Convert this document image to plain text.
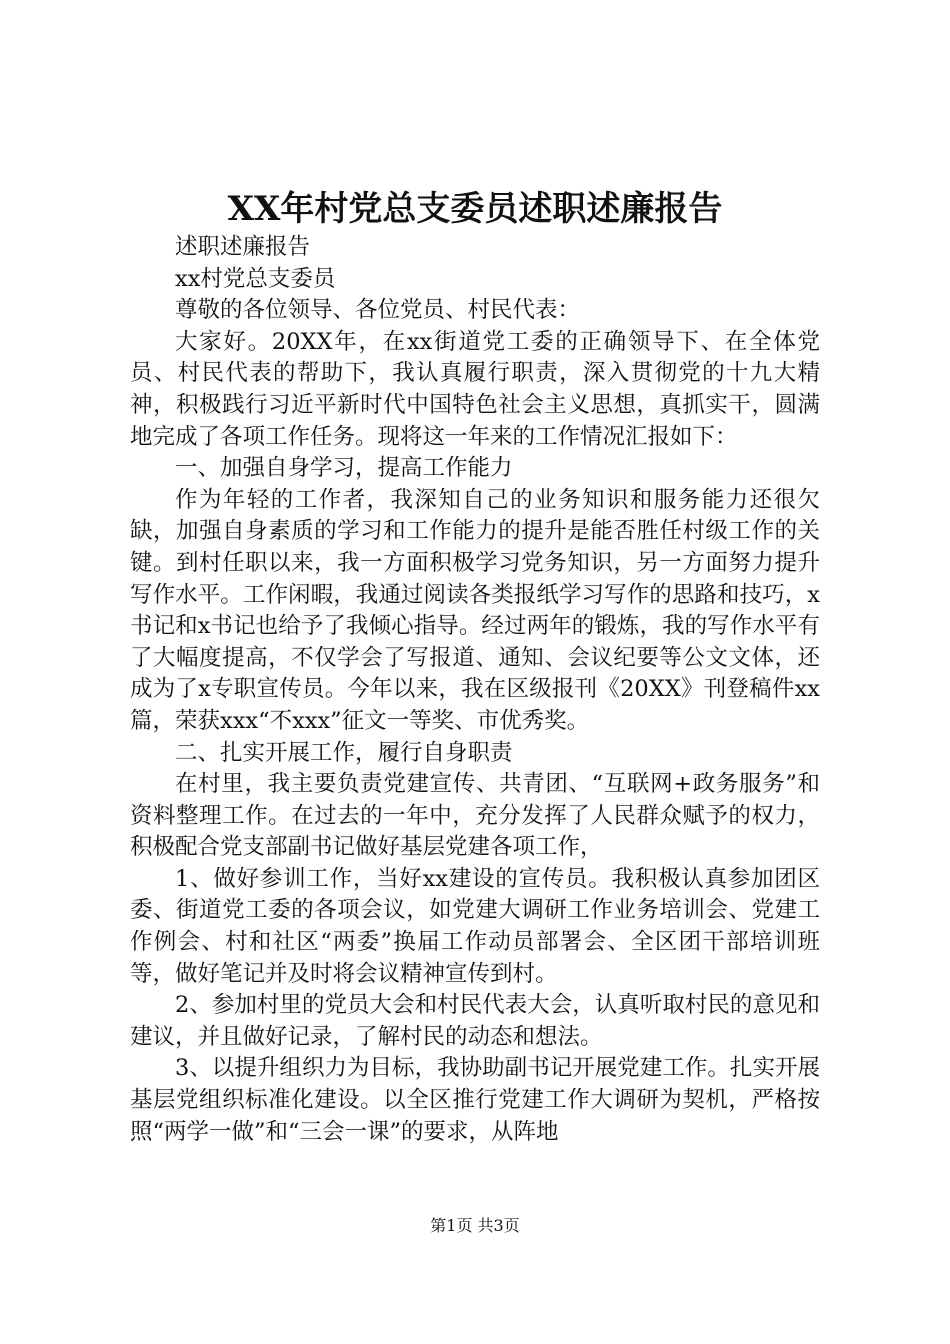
XX年村党总支委员述职述廉报告

述职述廉报告

xx村党总支委员

尊敬的各位领导、各位党员、村民代表：

大家好。20XX年，在xx街道党工委的正确领导下、在全体党员、村民代表的帮助下，我认真履行职责，深入贯彻党的十九大精神，积极践行习近平新时代中国特色社会主义思想，真抓实干，圆满地完成了各项工作任务。现将这一年来的工作情况汇报如下：

一、加强自身学习，提高工作能力

作为年轻的工作者，我深知自己的业务知识和服务能力还很欠缺，加强自身素质的学习和工作能力的提升是能否胜任村级工作的关键。到村任职以来，我一方面积极学习党务知识，另一方面努力提升写作水平。工作闲暇，我通过阅读各类报纸学习写作的思路和技巧，x书记和x书记也给予了我倾心指导。经过两年的锻炼，我的写作水平有了大幅度提高，不仅学会了写报道、通知、会议纪要等公文文体，还成为了x专职宣传员。今年以来，我在区级报刊《20XX》刊登稿件xx篇，荣获xxx“不xxx”征文一等奖、市优秀奖。

二、扎实开展工作，履行自身职责

在村里，我主要负责党建宣传、共青团、“互联网+政务服务”和资料整理工作。在过去的一年中，充分发挥了人民群众赋予的权力，积极配合党支部副书记做好基层党建各项工作，

1、做好参训工作，当好xx建设的宣传员。我积极认真参加团区委、街道党工委的各项会议，如党建大调研工作业务培训会、党建工作例会、村和社区“两委”换届工作动员部署会、全区团干部培训班等，做好笔记并及时将会议精神宣传到村。

2、参加村里的党员大会和村民代表大会，认真听取村民的意见和建议，并且做好记录，了解村民的动态和想法。

3、以提升组织力为目标，我协助副书记开展党建工作。扎实开展基层党组织标准化建设。以全区推行党建工作大调研为契机，严格按照“两学一做”和“三会一课”的要求，从阵地

第1页 共3页
